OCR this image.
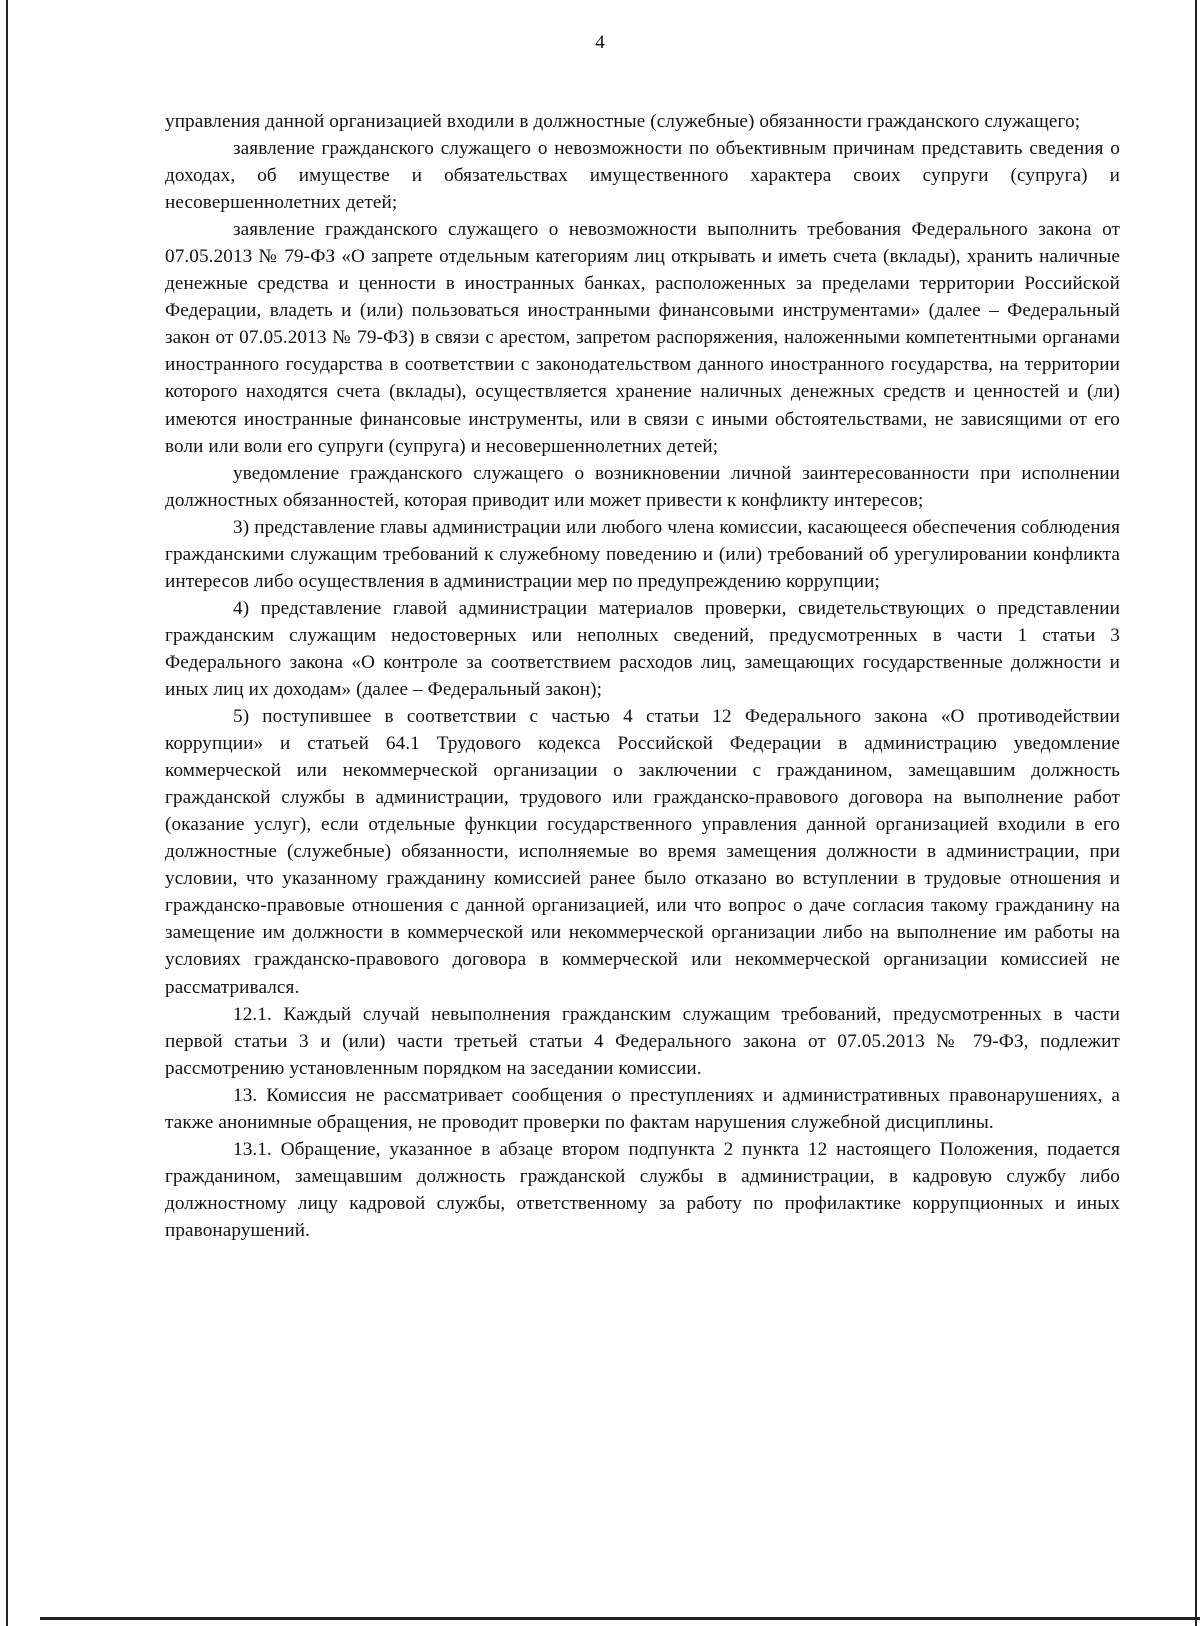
4

управления данной организацией входили в должностные (служебные) обязанности гражданского служащего;

заявление гражданского служащего о невозможности по объективным причинам представить сведения о доходах, об имуществе и обязательствах имущественного характера своих супруги (супруга) и несовершеннолетних детей;

заявление гражданского служащего о невозможности выполнить требования Федерального закона от 07.05.2013 № 79-ФЗ «О запрете отдельным категориям лиц открывать и иметь счета (вклады), хранить наличные денежные средства и ценности в иностранных банках, расположенных за пределами территории Российской Федерации, владеть и (или) пользоваться иностранными финансовыми инструментами» (далее – Федеральный закон от 07.05.2013 № 79-ФЗ) в связи с арестом, запретом распоряжения, наложенными компетентными органами иностранного государства в соответствии с законодательством данного иностранного государства, на территории которого находятся счета (вклады), осуществляется хранение наличных денежных средств и ценностей и (ли) имеются иностранные финансовые инструменты, или в связи с иными обстоятельствами, не зависящими от его воли или воли его супруги (супруга) и несовершеннолетних детей;

уведомление гражданского служащего о возникновении личной заинтересованности при исполнении должностных обязанностей, которая приводит или может привести к конфликту интересов;

3) представление главы администрации или любого члена комиссии, касающееся обеспечения соблюдения гражданскими служащим требований к служебному поведению и (или) требований об урегулировании конфликта интересов либо осуществления в администрации мер по предупреждению коррупции;

4) представление главой администрации материалов проверки, свидетельствующих о представлении гражданским служащим недостоверных или неполных сведений, предусмотренных в части 1 статьи 3 Федерального закона «О контроле за соответствием расходов лиц, замещающих государственные должности и иных лиц их доходам» (далее – Федеральный закон);

5) поступившее в соответствии с частью 4 статьи 12 Федерального закона «О противодействии коррупции» и статьей 64.1 Трудового кодекса Российской Федерации в администрацию уведомление коммерческой или некоммерческой организации о заключении с гражданином, замещавшим должность гражданской службы в администрации, трудового или гражданско-правового договора на выполнение работ (оказание услуг), если отдельные функции государственного управления данной организацией входили в его должностные (служебные) обязанности, исполняемые во время замещения должности в администрации, при условии, что указанному гражданину комиссией ранее было отказано во вступлении в трудовые отношения и гражданско-правовые отношения с данной организацией, или что вопрос о даче согласия такому гражданину на замещение им должности в коммерческой или некоммерческой организации либо на выполнение им работы на условиях гражданско-правового договора в коммерческой или некоммерческой организации комиссией не рассматривался.

12.1. Каждый случай невыполнения гражданским служащим требований, предусмотренных в части первой статьи 3 и (или) части третьей статьи 4 Федерального закона от 07.05.2013 № 79-ФЗ, подлежит рассмотрению установленным порядком на заседании комиссии.

13. Комиссия не рассматривает сообщения о преступлениях и административных правонарушениях, а также анонимные обращения, не проводит проверки по фактам нарушения служебной дисциплины.

13.1. Обращение, указанное в абзаце втором подпункта 2 пункта 12 настоящего Положения, подается гражданином, замещавшим должность гражданской службы в администрации, в кадровую службу либо должностному лицу кадровой службы, ответственному за работу по профилактике коррупционных и иных правонарушений.
